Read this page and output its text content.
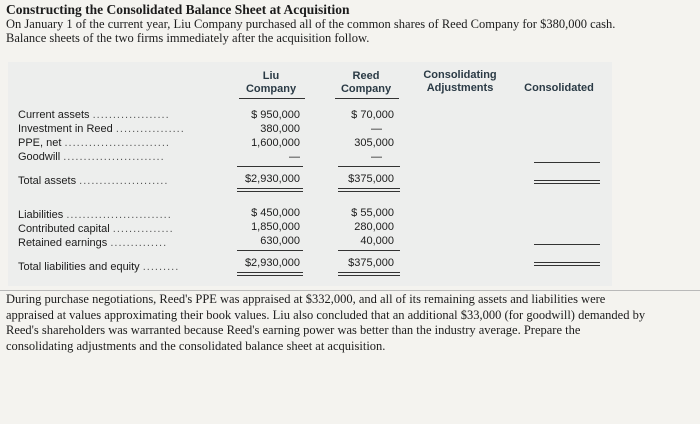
Constructing the Consolidated Balance Sheet at Acquisition
On January 1 of the current year, Liu Company purchased all of the common shares of Reed Company for $380,000 cash. Balance sheets of the two firms immediately after the acquisition follow.
Liu
Company
Reed
Company
Consolidating
Adjustments	Consolidated
Current assets ...................
Investment in Reed .................
PPE, net ..........................
Goodwill .........................
Total assets ......................
Liabilities ..........................
Contributed capital ...............
Retained earnings ..............
Total liabilities and equity .........
$ 950,000
380,000
1,600,000
—
$2,930,000
$ 450,000
1,850,000
630,000
$2,930,000
$ 70,000
—
305,000
—
$375,000
$ 55,000
280,000
40,000
$375,000
During purchase negotiations, Reed's PPE was appraised at $332,000, and all of its remaining assets and liabilities were appraised at values approximating their book values. Liu also concluded that an additional $33,000 (for goodwill) demanded by Reed's shareholders was warranted because Reed's earning power was better than the industry average. Prepare the consolidating adjustments and the consolidated balance sheet at acquisition.
